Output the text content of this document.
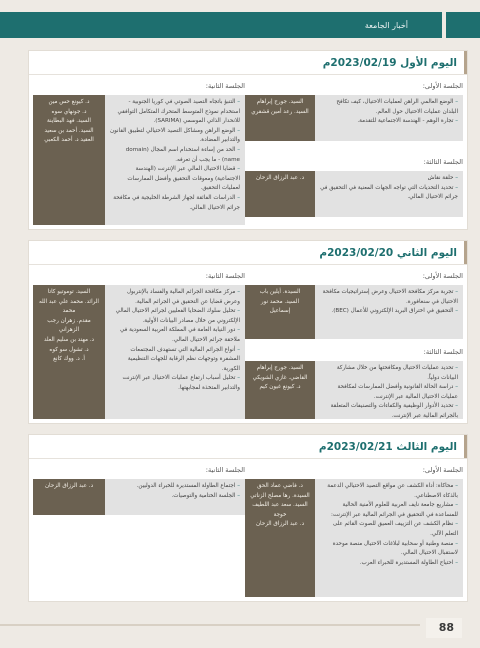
أخبار الجامعة
اليوم الأول 2023/02/19م
الجلسة الأولى:

– الوضع العالمي الراهن لعمليات الاحتيال، كيف تكافح البلدان عمليات الاحتيال حول العالم.

– تجارة الوهم - الهندسة الاجتماعية للتقدمة.

السيد. جورج إبراهام

السيد. رعد أمين قشقري

الجلسة الثالثة:

– حلقة نقاش

– تحديد التحديات التي تواجه الجهات المعنية في التحقيق في جرائم الاحتيال المالي.

د. عبد الرزاق الزحان

الجلسة الثانية:

– التنبؤ باتجاه التصيد الصوتي في كوريا الجنوبية - استخدام نموذج المتوسط المتحرك المتكامل التوافقي للانحدار الذاتي الموسمي (SARIMA).

– الوضع الراهن ومشاكل التصيد الاحتيالي لتطبيق القانون والتدابير المضادة.

– الحد من إساءة استخدام اسم المجال (domain name) - ما يجب أن تعرفه.

– قضايا الاحتيال المالي عبر الإنترنت (الهندسة الاجتماعية) ومعوقات التحقيق وأفضل الممارسات لعمليات التحقيق.

– الدراسات الفائقة لجهاز الشرطة الخليجية في مكافحة جرائم الاحتيال المالي.

د. كيونغ حس مين

د. جونهاي سوه

السيد. فهد البطاينة

السيد. أحمد بن سعيد

العقيد د. أحمد الكعبي

اليوم الثاني 2023/02/20م
الجلسة الأولى:

– تجربة مركز مكافحة الاحتيال وعرض إستراتيجيات مكافحة الاحتيال في سنغافورة.

– التحقيق في اختراق البريد الإلكتروني للأعمال (BEC).

السيدة. أيلين باب

السيد. محمد نور

إسماعيل

الجلسة الثالثة:

– تحديد عمليات الاحتيال ومكافحتها من خلال مشاركة البيانات دولياً.

– دراسة الحالة القانونية وأفضل الممارسات لمكافحة عمليات الاحتيال المالية عبر الإنترنت.

– تحديد الأدوار الوظيفية والكفاءات والتصنيفات المتعلقة بالجرائم المالية عبر الإنترنت.

السيد. جورج إبراهام

القاضي. غازي الشويكي

د. كيونغ غيون كيم

الجلسة الثانية:

– مركز مكافحة الجرائم المالية والفساد بالإنتربول وعرض قضايا عن التحقيق في الجرائم المالية.

– تحليل سلوك الضحايا الفعليين لجرائم الاحتيال المالي الإلكتروني من خلال مصادر البيانات الأولية.

– دور النيابة العامة في المملكة العربية السعودية في ملاحقة جرائم الاحتيال المالي.

– أنواع الجرائم المالية التي تستهدف المجتمعات المشفرة وتوجهات نظم الرقابة للجهات التنظيمية الكورية.

– تحليل أسباب ارتفاع عمليات الاحتيال عبر الإنترنت والتدابير المتخذة لمجابهتها.

السيد. توموتيو كاتا

الرائد. محمد علي عبد الله محمد

مقدم. زهران رجب الزهراني

د. مهند بن سليم العلد

د. تشول سو كوه

أ. د. ووك كانغ

اليوم الثالث 2023/02/21م
الجلسة الأولى:

– محاكاة: أداة الكشف عن مواقع التصيد الاحتيالي الدعمة بالذكاء الاصطناعي.

– مشاريع جامعة نايف العربية للعلوم الأمنية الحالية للمساعدة في التحقيق في الجرائم المالية عبر الإنترنت:

– نظام الكشف عن التزييف العميق للصوت القائم على التعلم الآلي.

– منصة وطنية أو سحابية لبلاغات الاحتيال منصة موحدة لاستقبال الاحتيال المالي.

– احتياج الطاولة المستديرة للخبراء العرب.

د. فاضي عماد الحق

السيدة. رها مصلح الزناتي

السيد. سعد عبد اللطيف خوجة

د. عبد الرزاق الزحان

الجلسة الثانية:

– اجتماع الطاولة المستديرة للخبراء الدوليين.

– الجلسة الختامية والتوصيات.

د. عبد الرزاق الزحان

88
